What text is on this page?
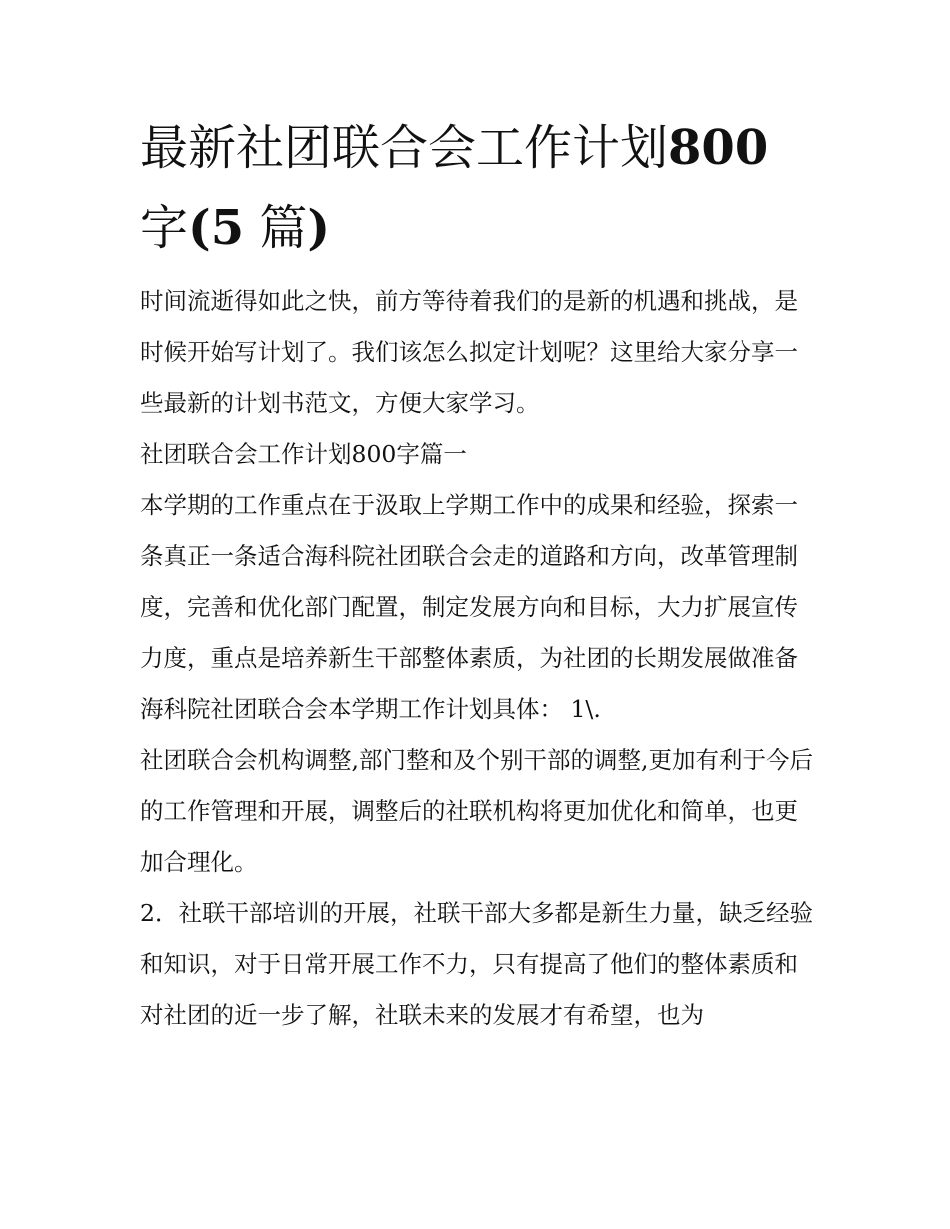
最新社团联合会工作计划800
字(5 篇)

时间流逝得如此之快，前方等待着我们的是新的机遇和挑战，是时候开始写计划了。我们该怎么拟定计划呢？这里给大家分享一些最新的计划书范文，方便大家学习。

社团联合会工作计划800字篇一

本学期的工作重点在于汲取上学期工作中的成果和经验，探索一条真正一条适合海科院社团联合会走的道路和方向，改革管理制度，完善和优化部门配置，制定发展方向和目标，大力扩展宣传力度，重点是培养新生干部整体素质，为社团的长期发展做准备

海科院社团联合会本学期工作计划具体： 1\.

社团联合会机构调整,部门整和及个别干部的调整,更加有利于今后的工作管理和开展，调整后的社联机构将更加优化和简单，也更加合理化。

2．社联干部培训的开展，社联干部大多都是新生力量，缺乏经验和知识，对于日常开展工作不力，只有提高了他们的整体素质和对社团的近一步了解，社联未来的发展才有希望，也为
